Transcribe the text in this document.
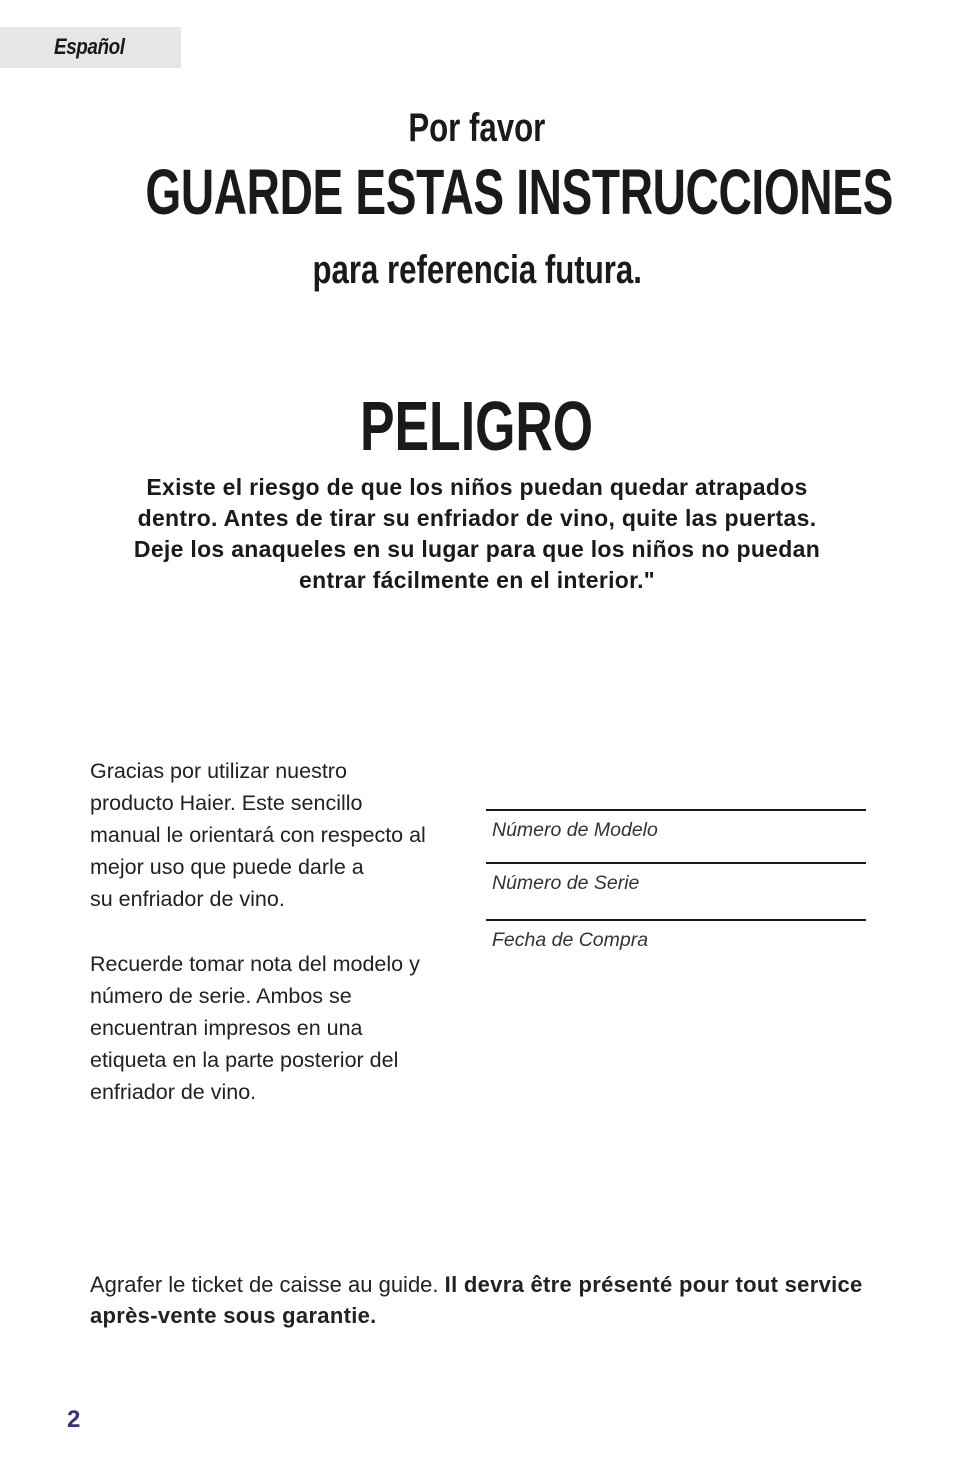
Español
Por favor
GUARDE ESTAS INSTRUCCIONES
para referencia futura.
PELIGRO
Existe el riesgo de que los niños puedan quedar atrapados
dentro. Antes de tirar su enfriador de vino, quite las puertas.
Deje los anaqueles en su lugar para que los niños no puedan
entrar fácilmente en el interior."
Gracias por utilizar nuestro
producto Haier. Este sencillo
manual le orientará con respecto al
mejor uso que puede darle a
su enfriador de vino.
Recuerde tomar nota del modelo y
número de serie. Ambos se
encuentran impresos en una
etiqueta en la parte posterior del
enfriador de vino.
Número de Modelo
Número de Serie
Fecha de Compra
Agrafer le ticket de caisse au guide. Il devra être présenté pour tout service après-vente sous garantie.
2
